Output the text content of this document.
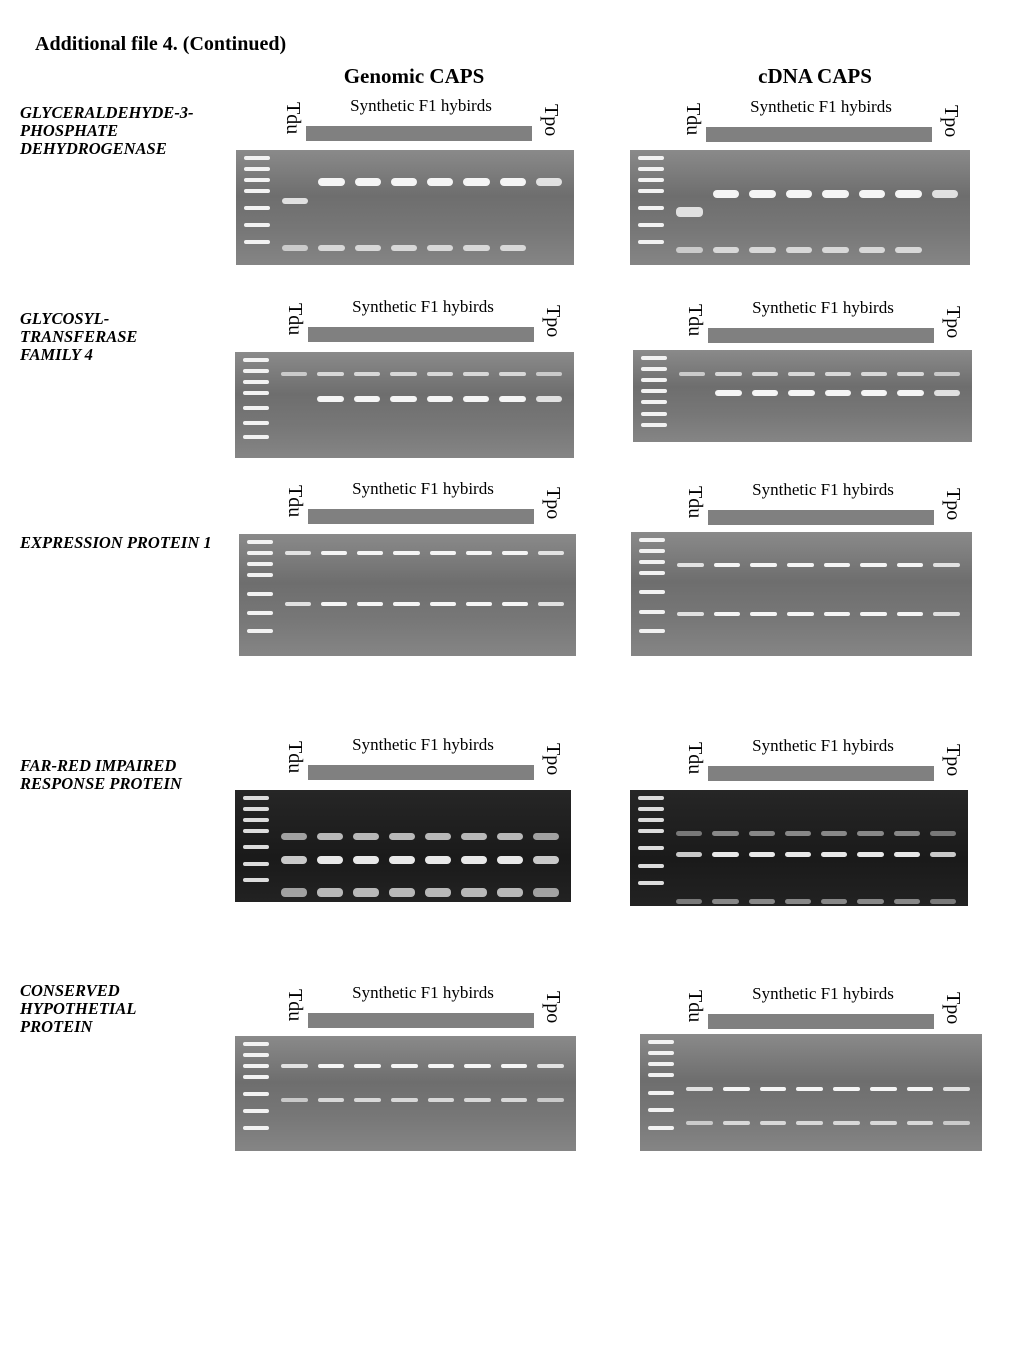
Additional file 4. (Continued)
Genomic CAPS	cDNA CAPS
GLYCERALDEHYDE-3-
PHOSPHATE
DEHYDROGENASE
GLYCOSYL-
TRANSFERASE
FAMILY 4
EXPRESSION PROTEIN 1
FAR-RED IMPAIRED
RESPONSE PROTEIN
CONSERVED
HYPOTHETIAL
PROTEIN
Tdu	Synthetic F1 hybirds	Tpo	Tdu	Synthetic F1 hybirds	Tpo
Tdu	Synthetic F1 hybirds	Tpo	Tdu	Synthetic F1 hybirds	Tpo
Tdu	Synthetic F1 hybirds	Tpo	Tdu	Synthetic F1 hybirds	Tpo
Tdu	Synthetic F1 hybirds	Tpo	Tdu	Synthetic F1 hybirds	Tpo
Tdu	Synthetic F1 hybirds	Tpo	Tdu	Synthetic F1 hybirds	Tpo
